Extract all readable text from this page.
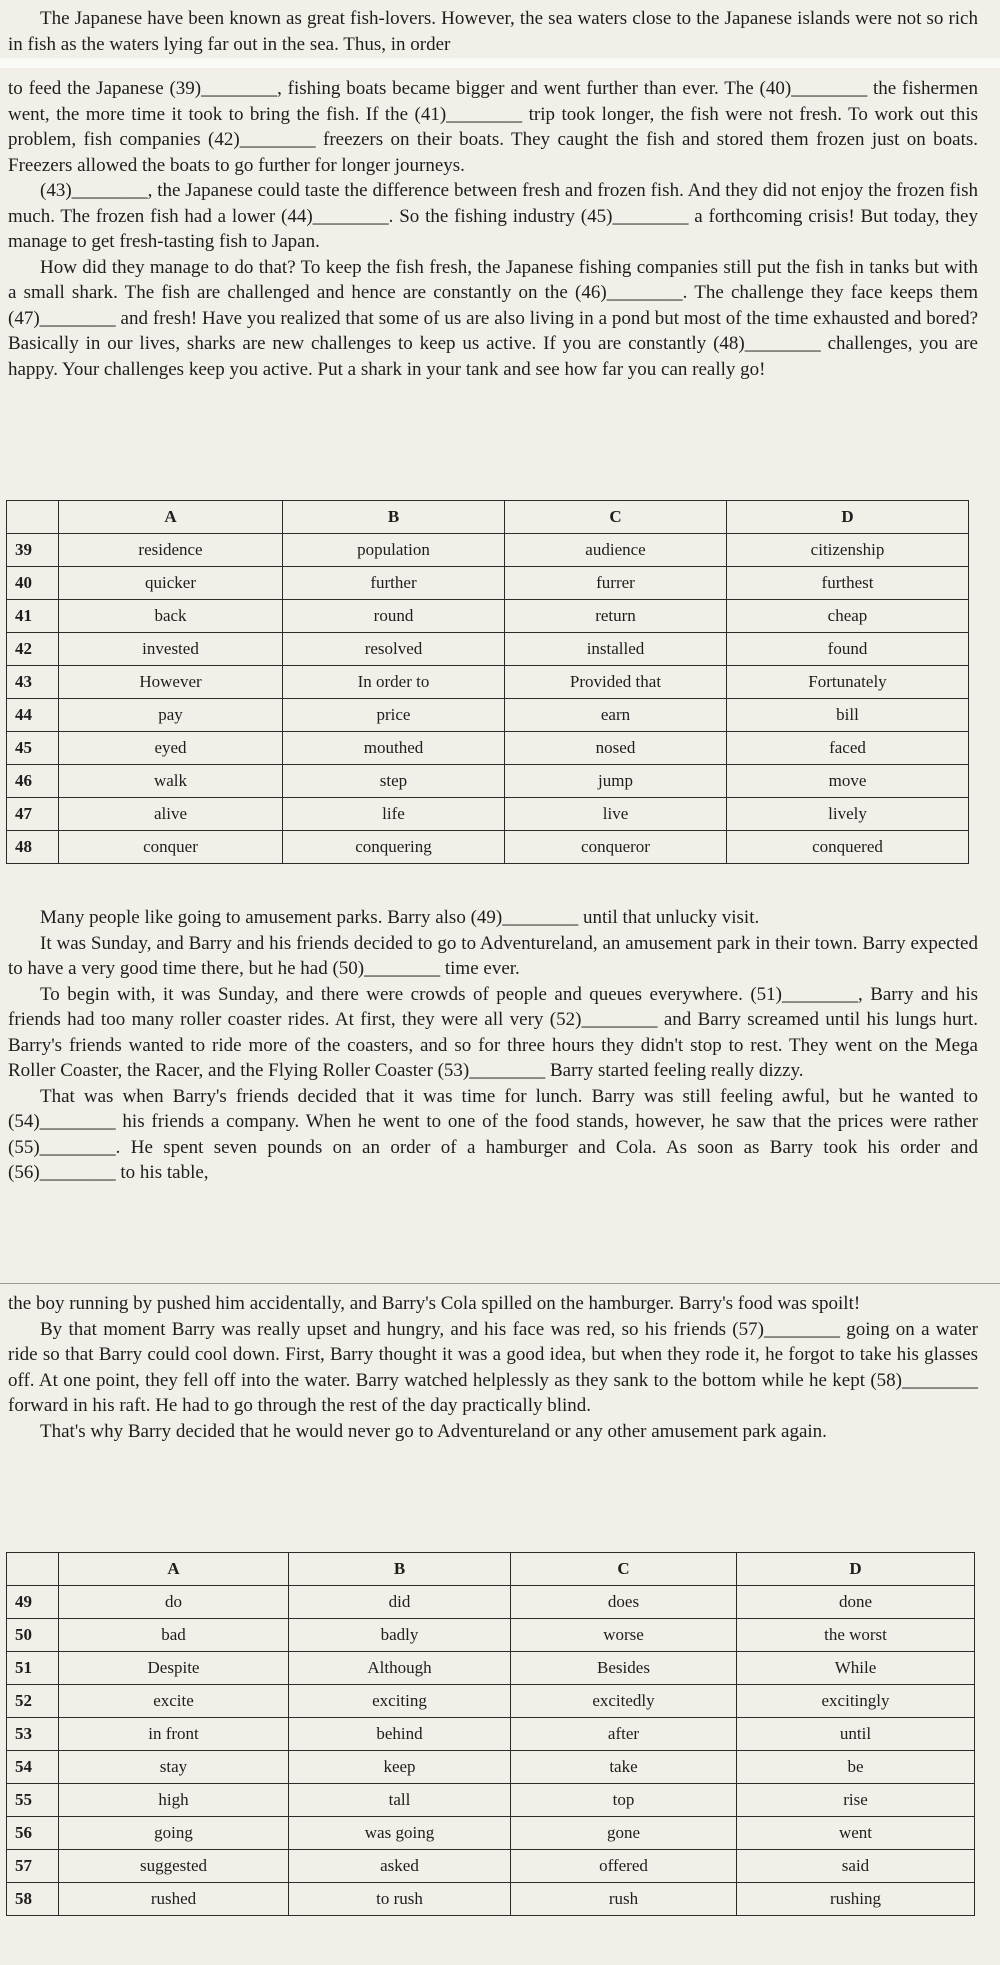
The Japanese have been known as great fish-lovers. However, the sea waters close to the Japanese islands were not so rich in fish as the waters lying far out in the sea. Thus, in order

to feed the Japanese (39)________, fishing boats became bigger and went further than ever. The (40)________ the fishermen went, the more time it took to bring the fish. If the (41)________ trip took longer, the fish were not fresh. To work out this problem, fish companies (42)________ freezers on their boats. They caught the fish and stored them frozen just on boats. Freezers allowed the boats to go further for longer journeys.

(43)________, the Japanese could taste the difference between fresh and frozen fish. And they did not enjoy the frozen fish much. The frozen fish had a lower (44)________. So the fishing industry (45)________ a forthcoming crisis! But today, they manage to get fresh-tasting fish to Japan.

How did they manage to do that? To keep the fish fresh, the Japanese fishing companies still put the fish in tanks but with a small shark. The fish are challenged and hence are constantly on the (46)________. The challenge they face keeps them (47)________ and fresh! Have you realized that some of us are also living in a pond but most of the time exhausted and bored? Basically in our lives, sharks are new challenges to keep us active. If you are constantly (48)________ challenges, you are happy. Your challenges keep you active. Put a shark in your tank and see how far you can really go!

	A	B	C	D
39	residence	population	audience	citizenship
40	quicker	further	furrer	furthest
41	back	round	return	cheap
42	invested	resolved	installed	found
43	However	In order to	Provided that	Fortunately
44	pay	price	earn	bill
45	eyed	mouthed	nosed	faced
46	walk	step	jump	move
47	alive	life	live	lively
48	conquer	conquering	conqueror	conquered

Many people like going to amusement parks. Barry also (49)________ until that unlucky visit.

It was Sunday, and Barry and his friends decided to go to Adventureland, an amusement park in their town. Barry expected to have a very good time there, but he had (50)________ time ever.

To begin with, it was Sunday, and there were crowds of people and queues everywhere. (51)________, Barry and his friends had too many roller coaster rides. At first, they were all very (52)________ and Barry screamed until his lungs hurt. Barry's friends wanted to ride more of the coasters, and so for three hours they didn't stop to rest. They went on the Mega Roller Coaster, the Racer, and the Flying Roller Coaster (53)________ Barry started feeling really dizzy.

That was when Barry's friends decided that it was time for lunch. Barry was still feeling awful, but he wanted to (54)________ his friends a company. When he went to one of the food stands, however, he saw that the prices were rather (55)________. He spent seven pounds on an order of a hamburger and Cola. As soon as Barry took his order and (56)________ to his table,

the boy running by pushed him accidentally, and Barry's Cola spilled on the hamburger. Barry's food was spoilt!

By that moment Barry was really upset and hungry, and his face was red, so his friends (57)________ going on a water ride so that Barry could cool down. First, Barry thought it was a good idea, but when they rode it, he forgot to take his glasses off. At one point, they fell off into the water. Barry watched helplessly as they sank to the bottom while he kept (58)________ forward in his raft. He had to go through the rest of the day practically blind.

That's why Barry decided that he would never go to Adventureland or any other amusement park again.

	A	B	C	D
49	do	did	does	done
50	bad	badly	worse	the worst
51	Despite	Although	Besides	While
52	excite	exciting	excitedly	excitingly
53	in front	behind	after	until
54	stay	keep	take	be
55	high	tall	top	rise
56	going	was going	gone	went
57	suggested	asked	offered	said
58	rushed	to rush	rush	rushing
